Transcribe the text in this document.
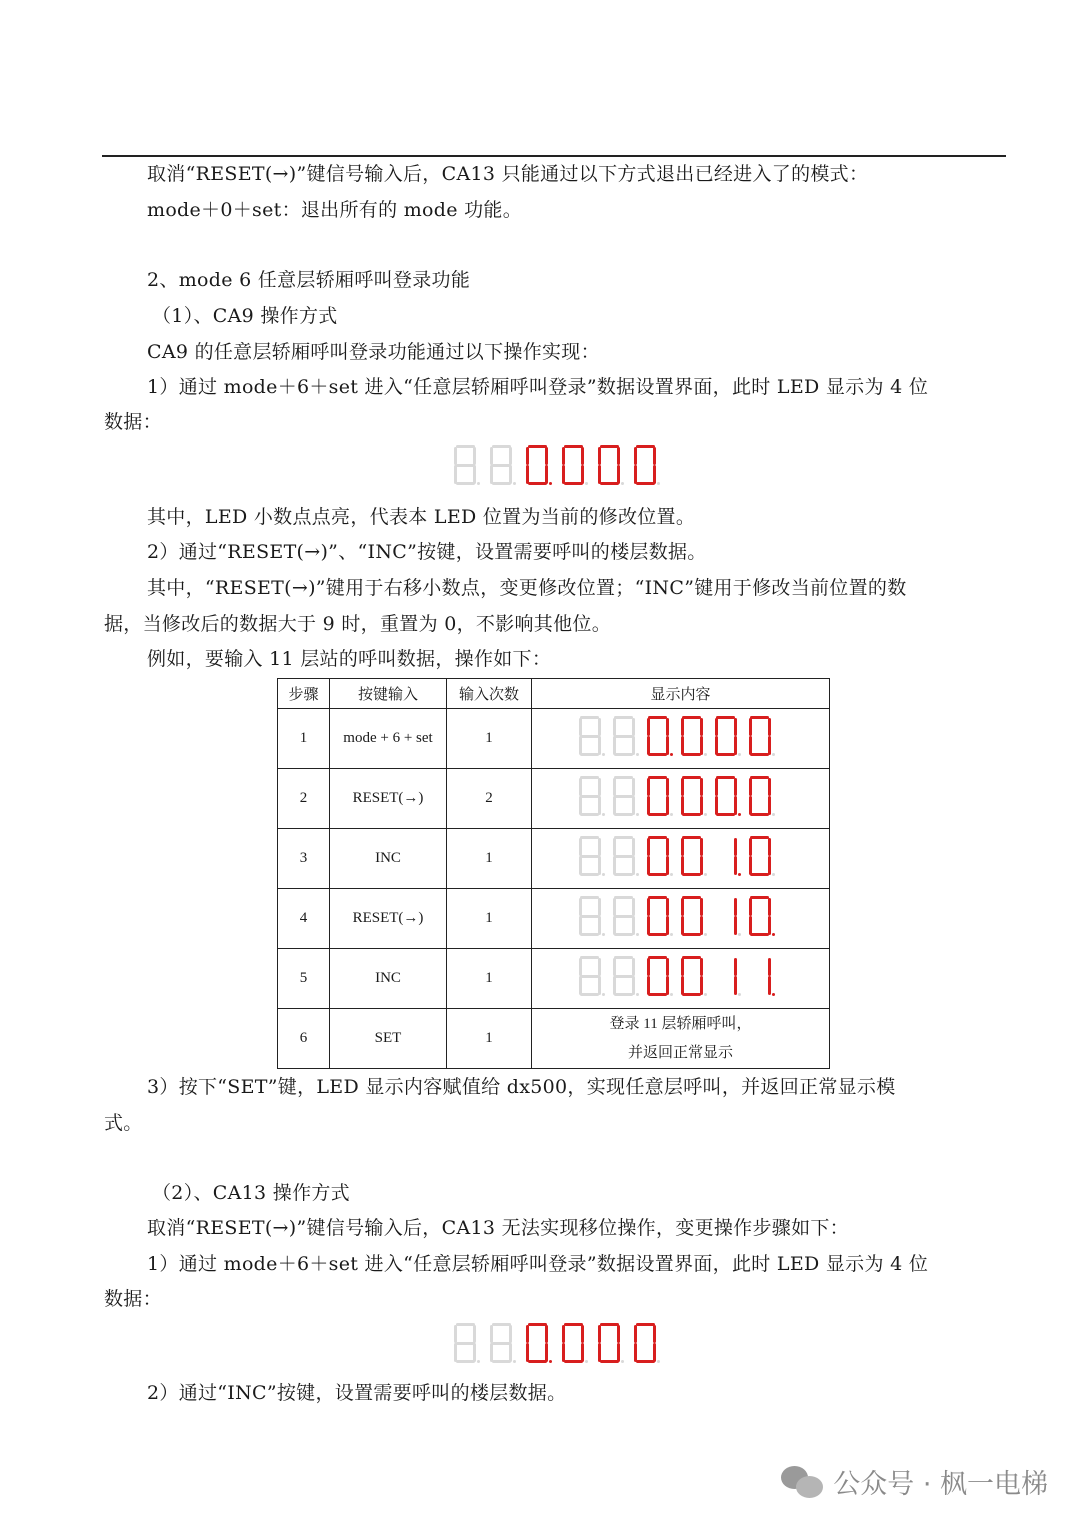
取消“RESET(→)”键信号输入后，CA13 只能通过以下方式退出已经进入了的模式：
mode＋0＋set：退出所有的 mode 功能。
2、mode 6 任意层轿厢呼叫登录功能
（1）、CA9 操作方式
CA9 的任意层轿厢呼叫登录功能通过以下操作实现：
1）通过 mode＋6＋set 进入“任意层轿厢呼叫登录”数据设置界面，此时 LED 显示为 4 位
数据：
其中，LED 小数点点亮，代表本 LED 位置为当前的修改位置。
2）通过“RESET(→)”、“INC”按键，设置需要呼叫的楼层数据。
其中，“RESET(→)”键用于右移小数点，变更修改位置；“INC”键用于修改当前位置的数
据，当修改后的数据大于 9 时，重置为 0，不影响其他位。
例如，要输入 11 层站的呼叫数据，操作如下：
步骤	按键输入	输入次数	显示内容
1	mode + 6 + set	1	

2	RESET(→)	2	

3	INC	1	

4	RESET(→)	1	

5	INC	1	

6	SET	1	登录 11 层轿厢呼叫，
并返回正常显示
3）按下“SET”键，LED 显示内容赋值给 dx500，实现任意层呼叫，并返回正常显示模
式。
（2）、CA13 操作方式
取消“RESET(→)”键信号输入后，CA13 无法实现移位操作，变更操作步骤如下：
1）通过 mode＋6＋set 进入“任意层轿厢呼叫登录”数据设置界面，此时 LED 显示为 4 位
数据：
2）通过“INC”按键，设置需要呼叫的楼层数据。
公众号 · 枫一电梯
